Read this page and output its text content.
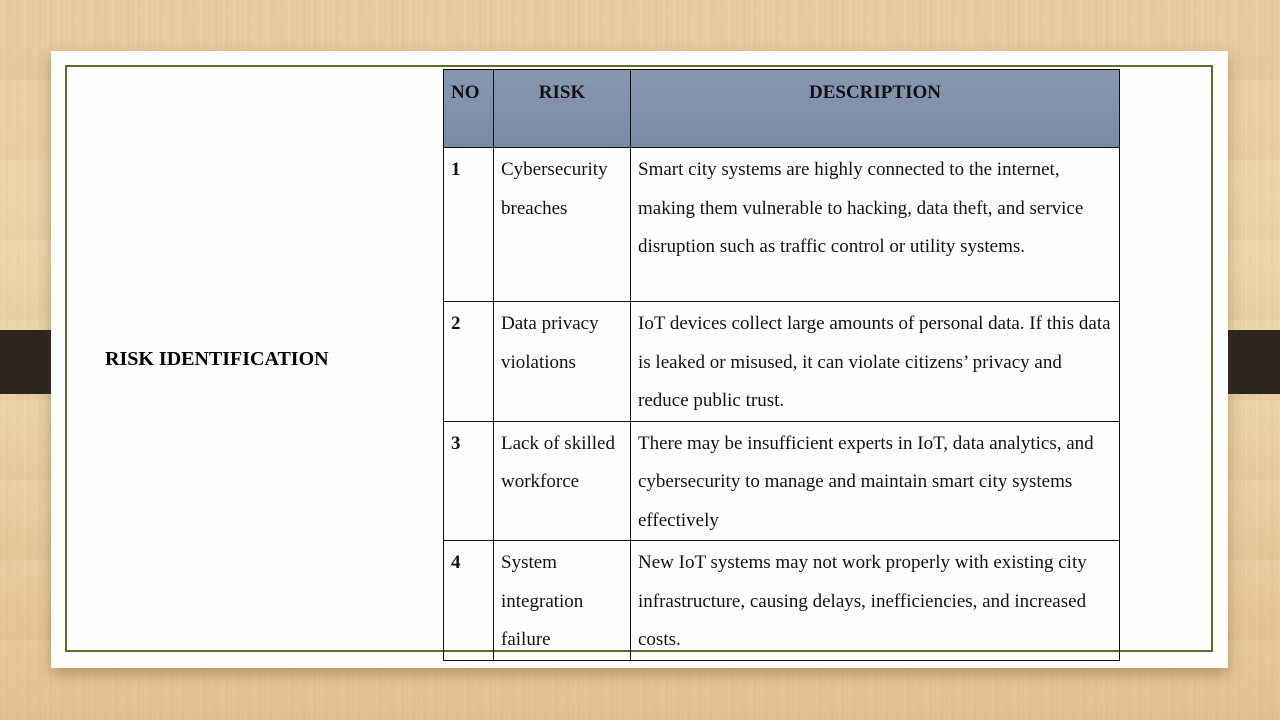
RISK IDENTIFICATION
NO	RISK	DESCRIPTION
1	Cybersecurity breaches	Smart city systems are highly connected to the internet, making them vulnerable to hacking, data theft, and service disruption such as traffic control or utility systems.
2	Data privacy violations	IoT devices collect large amounts of personal data. If this data is leaked or misused, it can violate citizens’ privacy and reduce public trust.
3	Lack of skilled workforce	There may be insufficient experts in IoT, data analytics, and cybersecurity to manage and maintain smart city systems effectively
4	System integration failure	New IoT systems may not work properly with existing city infrastructure, causing delays, inefficiencies, and increased costs.
